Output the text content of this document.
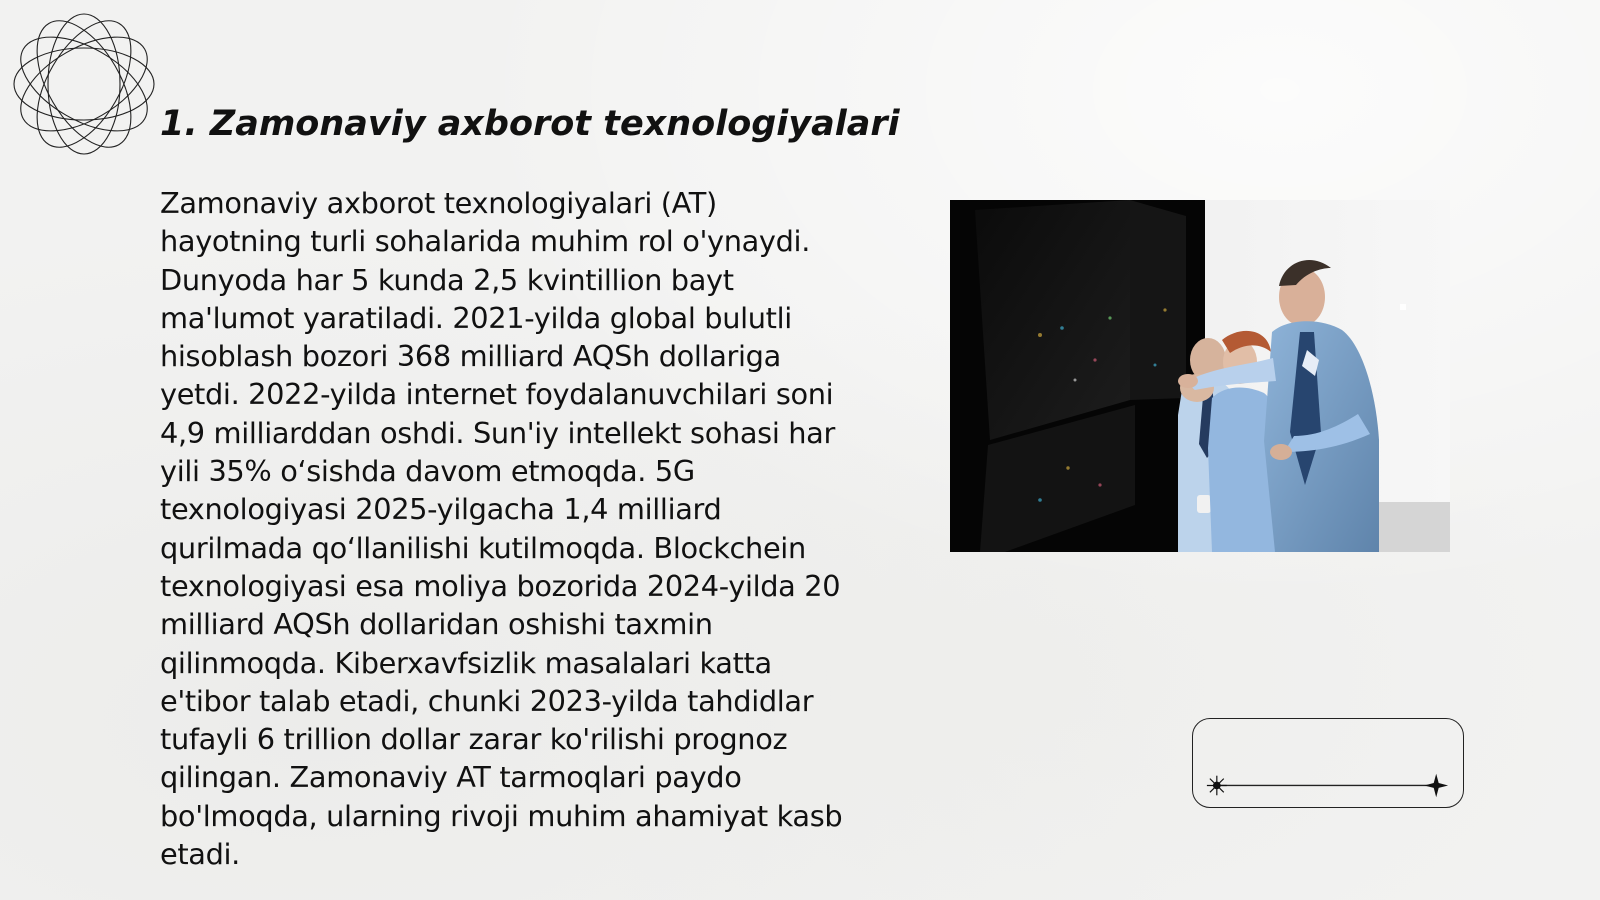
1. Zamonaviy axborot texnologiyalari

Zamonaviy axborot texnologiyalari (AT) hayotning turli sohalarida muhim rol o'ynaydi. Dunyoda har 5 kunda 2,5 kvintillion bayt ma'lumot yaratiladi. 2021-yilda global bulutli hisoblash bozori 368 milliard AQSh dollariga yetdi. 2022-yilda internet foydalanuvchilari soni 4,9 milliarddan oshdi. Sun'iy intellekt sohasi har yili 35% o‘sishda davom etmoqda. 5G texnologiyasi 2025-yilgacha 1,4 milliard qurilmada qo‘llanilishi kutilmoqda. Blockchein texnologiyasi esa moliya bozorida 2024-yilda 20 milliard AQSh dollaridan oshishi taxmin qilinmoqda. Kiberxavfsizlik masalalari katta e'tibor talab etadi, chunki 2023-yilda tahdidlar tufayli 6 trillion dollar zarar ko'rilishi prognoz qilingan. Zamonaviy AT tarmoqlari paydo bo'lmoqda, ularning rivoji muhim ahamiyat kasb etadi.
